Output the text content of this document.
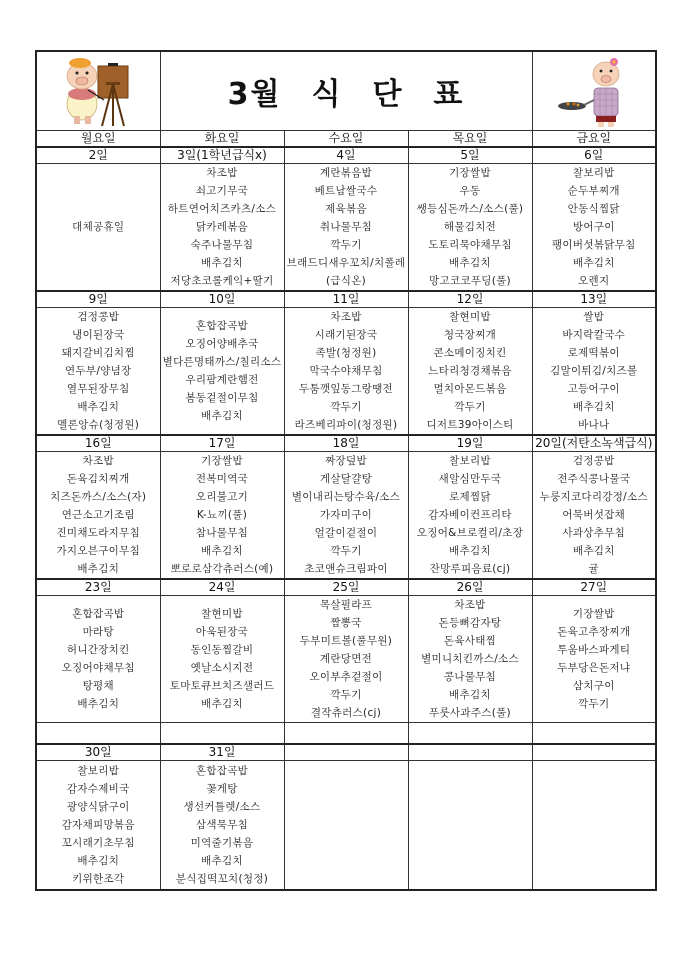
	3월 식 단 표	

월요일	화요일	수요일	목요일	금요일
2일	3일(1학년급식x)	4일	5일	6일

대체공휴일

차조밥
쇠고기무국
하트연어치즈카츠/소스
닭카레볶음
숙주나물무침
배추김치
저당초코롤케익+딸기

계란볶음밥
베트남쌀국수
제육볶음
취나물무침
깍두기
브래드디새우꼬치/치폴레
(급식온)

기장쌀밥
우동
쌩등심돈까스/소스(풀)
해물김치전
도토리묵야채무침
배추김치
망고코코푸딩(풀)

찰보리밥
순두부찌개
안동식찜닭
방어구이
팽이버섯볶닭무침
배추김치
오렌지

9일	10일	11일	12일	13일

검정콩밥
냉이된장국
돼지갈비김치찜
연두부/양념장
열무된장무침
배추김치
멜론앙슈(청정원)

혼합잡곡밥
오징어양배추국
별다른명태까스/칠리소스
우리팜계란햄전
봄동겉절이무침
배추김치

차조밥
시래기된장국
족발(청정원)
막국수야채무침
두툼깻잎동그랑땡전
깍두기
라즈베리파이(청정원)

찰현미밥
청국장찌개
콘소메이징치킨
느타리청경채볶음
멸치아몬드볶음
깍두기
디저트39아이스티

쌀밥
바지락칼국수
로제떡볶이
김말이튀김/치즈볼
고등어구이
배추김치
바나나

16일	17일	18일	19일	20일(저탄소녹색급식)

차조밥
돈육김치찌개
치즈돈까스/소스(자)
연근소고기조림
진미채도라지무침
가지오븐구이무침
배추김치

기장쌀밥
전복미역국
오리불고기
K-뇨끼(풀)
참나물무침
배추김치
뽀로로삼각츄러스(예)

짜장덮밥
게살달걀탕
별이내리는탕수육/소스
가자미구이
얼갈이겉절이
깍두기
초코앤슈크림파이

찰보리밥
새알심만두국
로제찜닭
감자베이컨프리타
오징어&브로컬리/초장
배추김치
잔망루피음료(cj)

검정콩밥
전주식콩나물국
누룽지코다리강정/소스
어묵버섯잡채
사과상추무침
배추김치
귤

23일	24일	25일	26일	27일

혼합잡곡밥
마라탕
허니간장치킨
오징어야채무침
탕평채
배추김치

찰현미밥
아욱된장국
동인동찜갈비
옛날소시지전
토마토큐브치즈샐러드
배추김치

목살필라프
짬뽕국
두부미트볼(풀무원)
계란당면전
오이부추겉절이
깍두기
결작츄러스(cj)

차조밥
돈등뼈감자탕
돈육사태찜
별미니치킨까스/소스
콩나물무침
배추김치
푸룻사과주스(풀)

기장쌀밥
돈육고추장찌개
투움바스파게티
두부당은돈저냐
삼치구이
깍두기

30일	31일			

찰보리밥
감자수제비국
광양식닭구이
감자채피망볶음
꼬시래기초무침
배추김치
키위한조각

혼합잡곡밥
꽃게탕
생선커틀렛/소스
삼색묵무침
미역줄기볶음
배추김치
분식집떡꼬치(청정)
